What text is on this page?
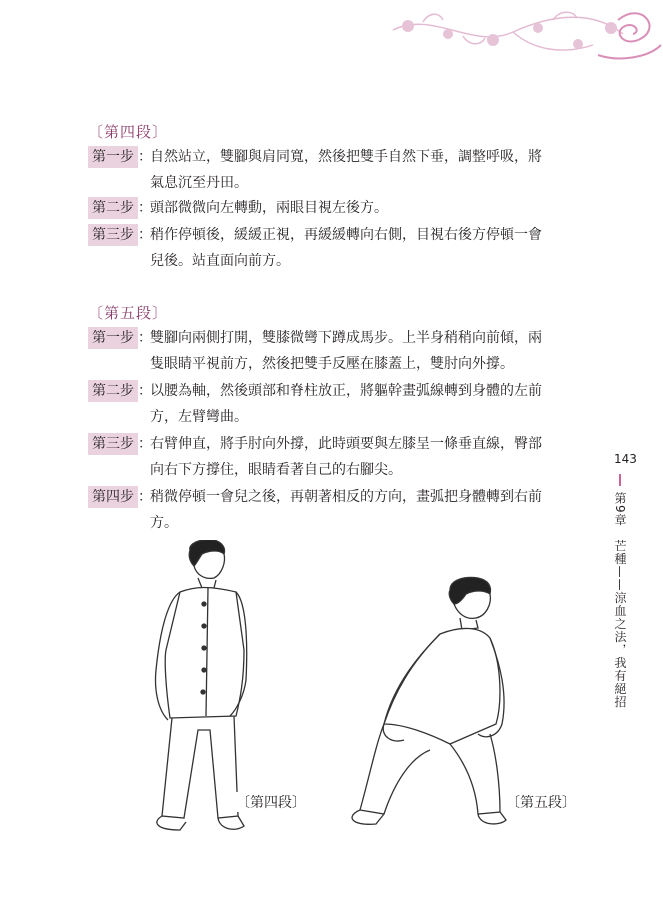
〔第四段〕
第一步 ：
自然站立，雙腳與肩同寬，然後把雙手自然下垂，調整呼吸，將
氣息沉至丹田。
第二步 ：
頭部微微向左轉動，兩眼目視左後方。
第三步 ：
稍作停頓後，緩緩正視，再緩緩轉向右側，目視右後方停頓一會
兒後。站直面向前方。
〔第五段〕
第一步 ：
雙腳向兩側打開，雙膝微彎下蹲成馬步。上半身稍稍向前傾，兩
隻眼睛平視前方，然後把雙手反壓在膝蓋上，雙肘向外撐。
第二步 ：
以腰為軸，然後頭部和脊柱放正，將軀幹畫弧線轉到身體的左前
方，左臂彎曲。
第三步 ：
右臂伸直，將手肘向外撐，此時頭要與左膝呈一條垂直線，臀部
向右下方撐住，眼睛看著自己的右腳尖。
第四步 ：
稍微停頓一會兒之後，再朝著相反的方向，畫弧把身體轉到右前
方。
143
第9章　芒種——涼血之法，我有絕招
〔第四段〕	〔第五段〕
